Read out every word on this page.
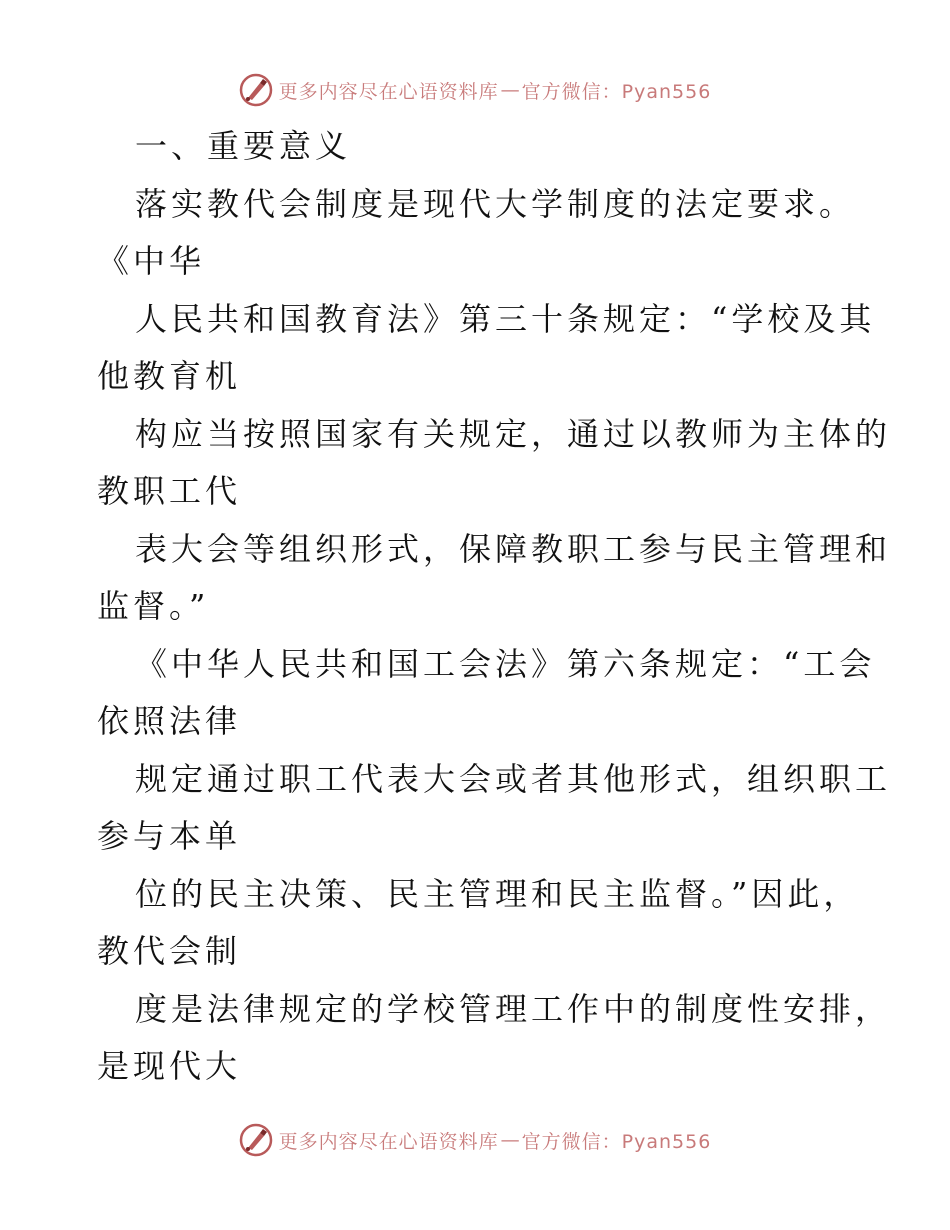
更多内容尽在心语资料库 — 官方微信：Pyan556
一、重要意义
落实教代会制度是现代大学制度的法定要求。
《中华
人民共和国教育法》第三十条规定：“学校及其
他教育机
构应当按照国家有关规定，通过以教师为主体的
教职工代
表大会等组织形式，保障教职工参与民主管理和
监督。”
《中华人民共和国工会法》第六条规定：“工会
依照法律
规定通过职工代表大会或者其他形式，组织职工
参与本单
位的民主决策、民主管理和民主监督。”因此，
教代会制
度是法律规定的学校管理工作中的制度性安排，
是现代大
更多内容尽在心语资料库 — 官方微信：Pyan556
